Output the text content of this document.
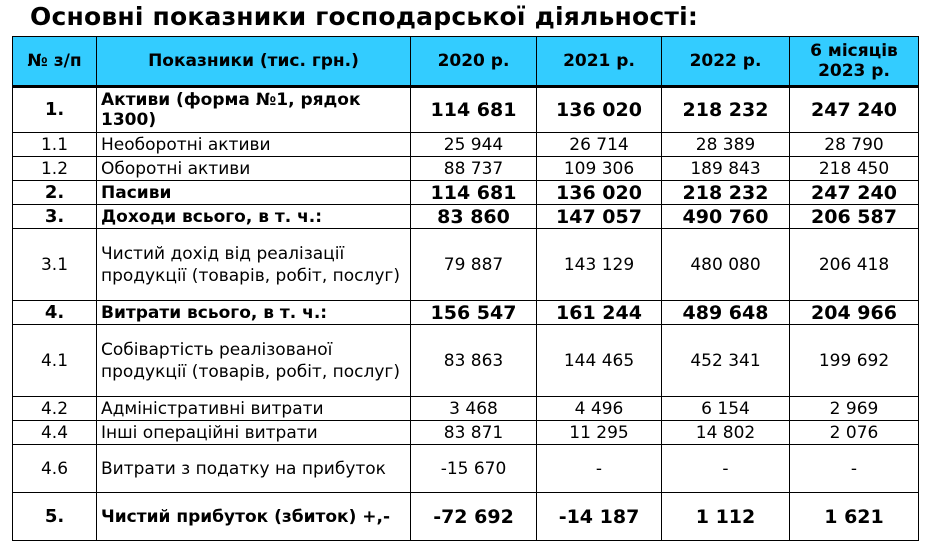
Основні показники господарської діяльності:
№ з/п	Показники (тис. грн.)	2020 р.	2021 р.	2022 р.	6 місяців 2023 р.
1.	Активи (форма №1, рядок 1300)	114 681	136 020	218 232	247 240
1.1	Необоротні активи	25 944	26 714	28 389	28 790
1.2	Оборотні активи	88 737	109 306	189 843	218 450
2.	Пасиви	114 681	136 020	218 232	247 240
3.	Доходи всього, в т. ч.:	83 860	147 057	490 760	206 587
3.1	Чистий дохід від реалізації продукції (товарів, робіт, послуг)	79 887	143 129	480 080	206 418
4.	Витрати всього, в т. ч.:	156 547	161 244	489 648	204 966
4.1	Собівартість реалізованої продукції (товарів, робіт, послуг)	83 863	144 465	452 341	199 692
4.2	Адміністративні витрати	3 468	4 496	6 154	2 969
4.4	Інші операційні витрати	83 871	11 295	14 802	2 076
4.6	Витрати з податку на прибуток	-15 670	-	-	-
5.	Чистий прибуток (збиток) +,-	-72 692	-14 187	1 112	1 621
